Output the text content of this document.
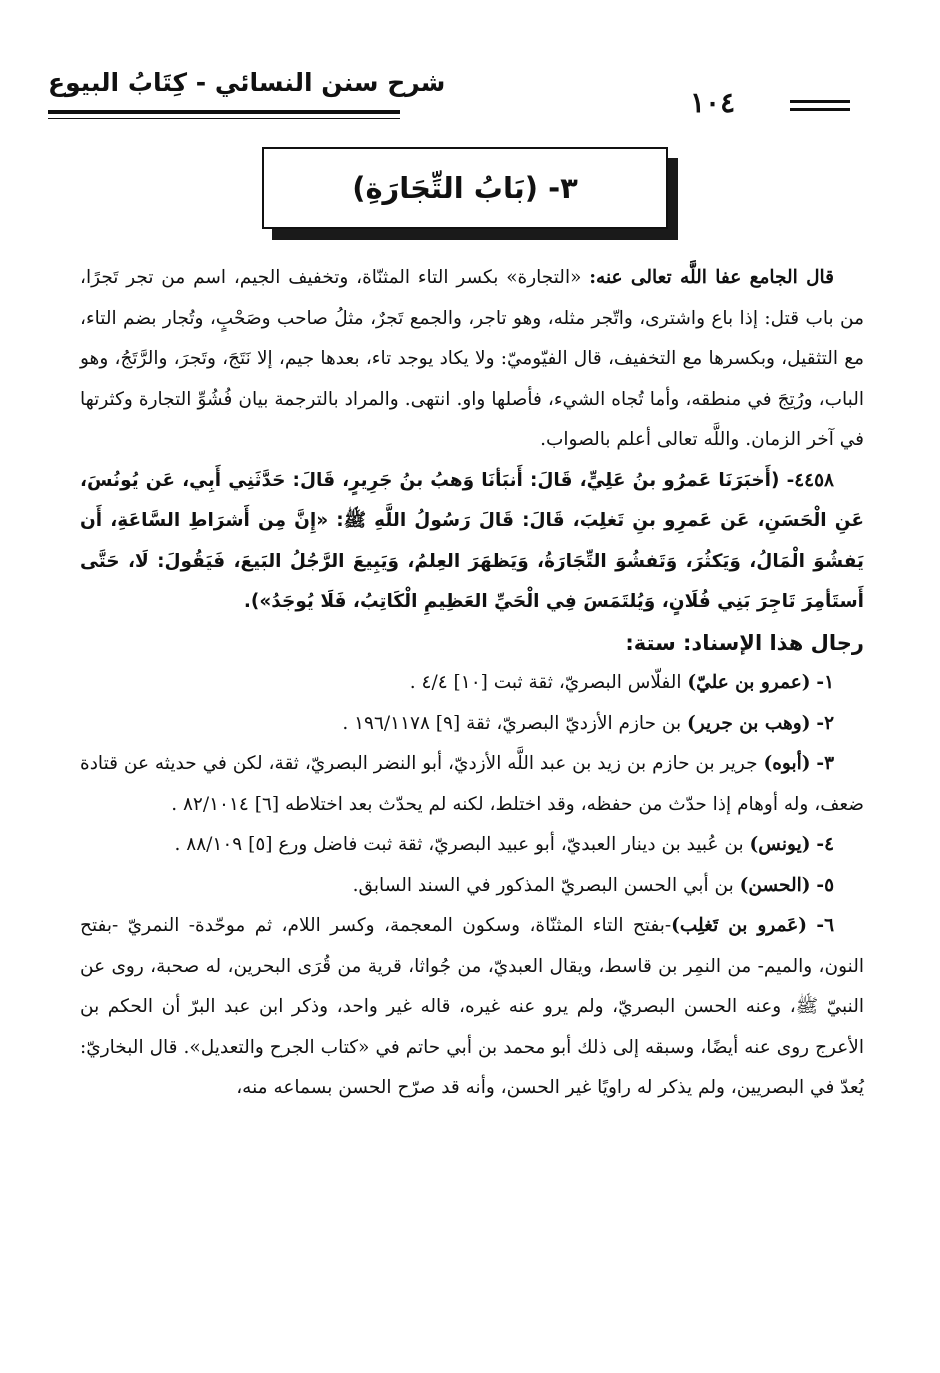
شرح سنن النسائي - كِتَابُ البيوع
١٠٤
٣- (بَابُ التِّجَارَةِ)

قال الجامع عفا اللَّه تعالى عنه: «التجارة» بكسر التاء المثنّاة، وتخفيف الجيم، اسم من تجر تَجرًا، من باب قتل: إذا باع واشترى، واتّجر مثله، وهو تاجر، والجمع تَجرٌ، مثلُ صاحب وصَحْبٍ، وتُجار بضم التاء، مع التثقيل، وبكسرها مع التخفيف، قال الفيّوميّ: ولا يكاد يوجد تاء، بعدها جيم، إلا نَتَجَ، وتَجرَ، والرَّتَجُ، وهو الباب، ورُتِجَ في منطقه، وأما تُجاه الشيء، فأصلها واو. انتهى. والمراد بالترجمة بيان فُشُوِّ التجارة وكثرتها في آخر الزمان. واللَّه تعالى أعلم بالصواب.

٤٤٥٨- (أَخبَرَنَا عَمرُو بنُ عَلِيٍّ، قَالَ: أَنبَأنَا وَهبُ بنُ جَرِيرٍ، قَالَ: حَدَّثَنِي أَبِي، عَن يُونُسَ، عَنِ الْحَسَنِ، عَن عَمرِو بنِ تَغلِبَ، قَالَ: قَالَ رَسُولُ اللَّهِ ﷺ: «إِنَّ مِن أَشرَاطِ السَّاعَةِ، أَن يَفشُوَ الْمَالُ، وَيَكثُرَ، وَتَفشُوَ التِّجَارَةُ، وَيَظهَرَ العِلمُ، وَيَبِيعَ الرَّجُلُ البَيعَ، فَيَقُولَ: لَا، حَتَّى أَستَأمِرَ تَاجِرَ بَنِي فُلَانٍ، وَيُلتَمَسَ فِي الْحَيِّ العَظِيمِ الْكَاتِبُ، فَلَا يُوجَدُ»).

رجال هذا الإسناد: ستة:

١- (عمرو بن عليّ) الفلّاس البصريّ، ثقة ثبت [١٠] ٤/٤ .

٢- (وهب بن جرير) بن حازم الأزديّ البصريّ، ثقة [٩] ١٩٦/١١٧٨ .

٣- (أبوه) جرير بن حازم بن زيد بن عبد اللَّه الأزديّ، أبو النضر البصريّ، ثقة، لكن في حديثه عن قتادة ضعف، وله أوهام إذا حدّث من حفظه، وقد اختلط، لكنه لم يحدّث بعد اختلاطه [٦] ٨٢/١٠١٤ .

٤- (يونس) بن عُبيد بن دينار العبديّ، أبو عبيد البصريّ، ثقة ثبت فاضل ورع [٥] ٨٨/١٠٩ .

٥- (الحسن) بن أبي الحسن البصريّ المذكور في السند السابق.

٦- (عَمرو بن تَغلِب)-بفتح التاء المثنّاة، وسكون المعجمة، وكسر اللام، ثم موحّدة- النمريّ -بفتح النون، والميم- من النمِر بن قاسط، ويقال العبديّ، من جُواثا، قرية من قُرَى البحرين، له صحبة، روى عن النبيّ ﷺ، وعنه الحسن البصريّ، ولم يرو عنه غيره، قاله غير واحد، وذكر ابن عبد البرّ أن الحكم بن الأعرج روى عنه أيضًا، وسبقه إلى ذلك أبو محمد بن أبي حاتم في «كتاب الجرح والتعديل». قال البخاريّ: يُعدّ في البصريين، ولم يذكر له راويًا غير الحسن، وأنه قد صرّح الحسن بسماعه منه،
